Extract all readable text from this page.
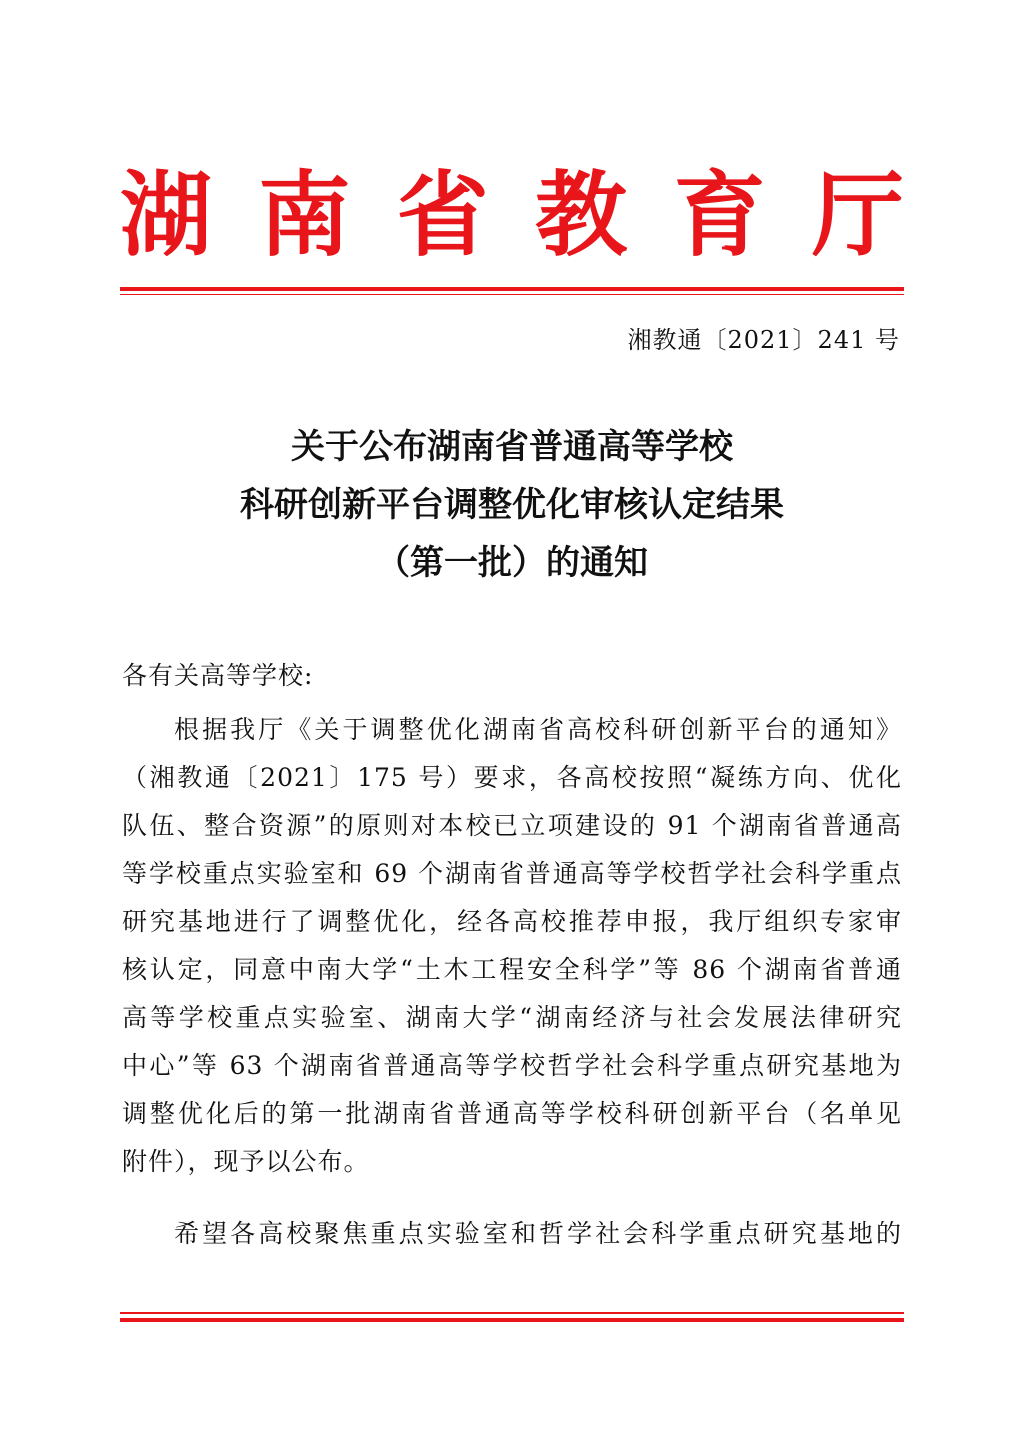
湖 南 省 教 育 厅
湘教通〔2021〕241 号
关于公布湖南省普通高等学校
科研创新平台调整优化审核认定结果
（第一批）的通知
各有关高等学校:
根据我厅《关于调整优化湖南省高校科研创新平台的通知》
（湘教通〔2021〕175 号）要求，各高校按照“凝练方向、优化
队伍、整合资源”的原则对本校已立项建设的 91 个湖南省普通高
等学校重点实验室和 69 个湖南省普通高等学校哲学社会科学重点
研究基地进行了调整优化，经各高校推荐申报，我厅组织专家审
核认定，同意中南大学“土木工程安全科学”等 86 个湖南省普通
高等学校重点实验室、湖南大学“湖南经济与社会发展法律研究
中心”等 63 个湖南省普通高等学校哲学社会科学重点研究基地为
调整优化后的第一批湖南省普通高等学校科研创新平台（名单见
附件），现予以公布。
希望各高校聚焦重点实验室和哲学社会科学重点研究基地的
